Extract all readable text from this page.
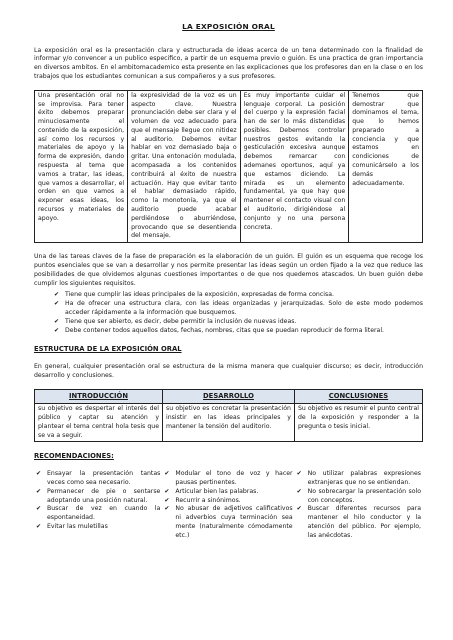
LA EXPOSICIÓN ORAL

La exposición oral es la presentación clara y estructurada de ideas acerca de un tena determinado con la finalidad de informar y/o convencer a un publico especifico, a partir de un esquema previo o guión. Es una practica de gran importancia en diversos ambitos. En el ambitomacademico esta presente en las explicaciones que los profesores dan en la clase o en los trabajos que los estudiantes comunican a sus compañeros y a sus profesores.

Una presentación oral no se improvisa. Para tener éxito debemos preparar minuciosamente el contenido de la exposición, así como los recursos y materiales de apoyo y la forma de expresión, dando respuesta al tema que vamos a tratar, las ideas, que vamos a desarrollar, el orden en que vamos a exponer esas ideas, los recursos y materiales de apoyo.	la expresividad de la voz es un aspecto clave. Nuestra pronunciación debe ser clara y el volumen de voz adecuado para que el mensaje llegue con nitidez al auditorio. Debemos evitar hablar en voz demasiado baja o gritar. Una entonación modulada, acompasada a los contenidos contribuirá al éxito de nuestra actuación. Hay que evitar tanto el hablar demasiado rápido, como la monotonía, ya que el auditorio puede acabar perdiéndose o aburriéndose, provocando que se desentienda del mensaje.	Es muy importante cuidar el lenguaje corporal. La posición del cuerpo y la expresión facial han de ser lo más distendidas posibles. Debemos controlar nuestros gestos evitando la gesticulación excesiva aunque debemos remarcar con ademanes oportunos, aquí ya que estamos diciendo. La mirada es un elemento fundamental, ya que hay que mantener el contacto visual con el auditorio, dirigiéndose al conjunto y no una persona concreta.	Tenemos que demostrar que dominamos el tema, que lo hemos preparado a conciencia y que estamos en condiciones de comunicárselo a los demás adecuadamente.

Una de las tareas claves de la fase de preparación es la elaboración de un guión. El guión es un esquema que recoge los puntos esenciales que se van a desarrollar y nos permite presentar las ideas según un orden fijado a la vez que reduce las posibilidades de que olvidemos algunas cuestiones importantes o de que nos quedemos atascados. Un buen guión debe cumplir los siguientes requisitos.

✔ Tiene que cumplir las ideas principales de la exposición, expresadas de forma concisa.
✔ Ha de ofrecer una estructura clara, con las ideas organizadas y jerarquizadas. Solo de este modo podemos acceder rápidamente a la información que busquemos.
✔ Tiene que ser abierto, es decir, debe permitir la inclusión de nuevas ideas.
✔ Debe contener todos aquellos datos, fechas, nombres, citas que se puedan reproducir de forma literal.
ESTRUCTURA DE LA EXPOSICIÓN ORAL

En general, cualquier presentación oral se estructura de la misma manera que cualquier discurso; es decir, introducción desarrollo y conclusiones.

INTRODUCCIÓN	DESARROLLO	CONCLUSIONES
su objetivo es despertar el interés del público y captar su atención y plantear el tema central hola tesis que se va a seguir.	su objetivo es concretar la presentación insistir en las ideas principales y mantener la tensión del auditorio.	Su objetivo es resumir el punto central de la exposición y responder a la pregunta o tesis inicial.
RECOMENDACIONES:
✔ Ensayar la presentación tantas veces como sea necesario.
✔ Permanecer de pie o sentarse adoptando una posición natural.
✔ Buscar de vez en cuando la espontaneidad.
✔ Evitar las muletillas

✔ Modular el tono de voz y hacer pausas pertinentes.
✔ Articular bien las palabras.
✔ Recurrir a sinónimos.
✔ No abusar de adjetivos calificativos ni adverbios cuya terminación sea mente (naturalmente cómodamente etc.)

✔ No utilizar palabras expresiones extranjeras que no se entiendan.
✔ No sobrecargar la presentación solo con conceptos.
✔ Buscar diferentes recursos para mantener el hilo conductor y la atención del público. Por ejemplo, las anécdotas.
